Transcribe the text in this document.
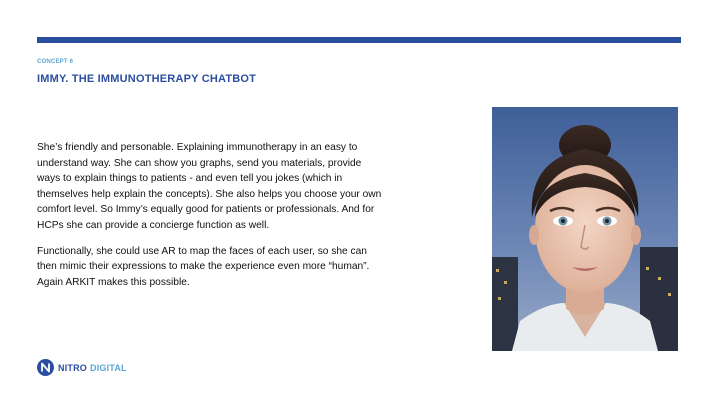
CONCEPT 6
IMMY. THE IMMUNOTHERAPY CHATBOT

She’s friendly and personable. Explaining immunotherapy in an easy to understand way. She can show you graphs, send you materials, provide ways to explain things to patients - and even tell you jokes (which in themselves help explain the concepts). She also helps you choose your own comfort level. So Immy’s equally good for patients or professionals. And for HCPs she can provide a concierge function as well.

Functionally, she could use AR to map the faces of each user, so she can then mimic their expressions to make the experience even more “human”. Again ARKIT makes this possible.

NITRO DIGITAL
